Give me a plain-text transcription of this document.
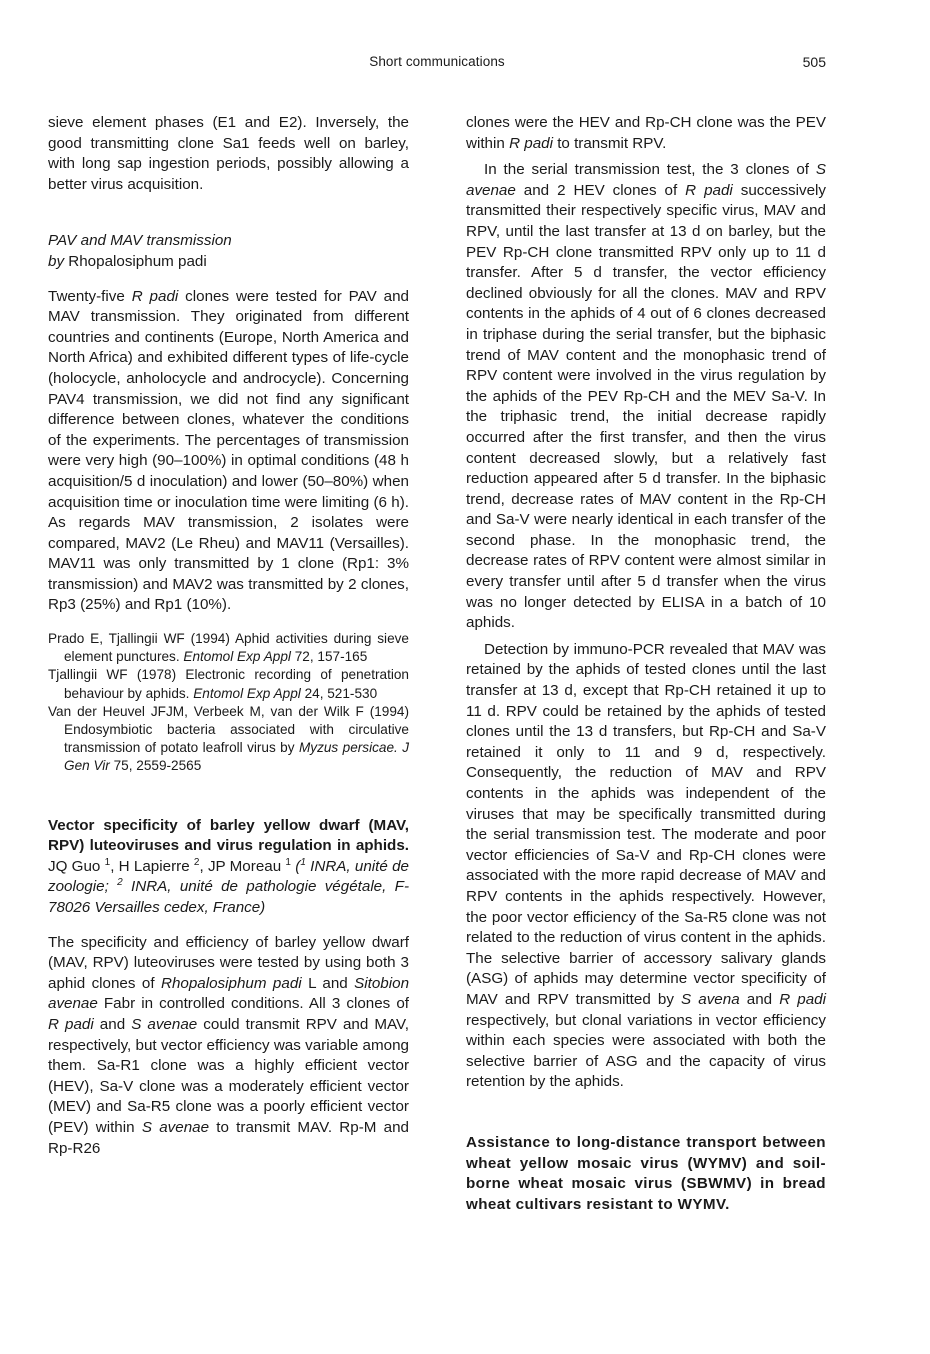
Short communications	505

sieve element phases (E1 and E2). Inversely, the good transmitting clone Sa1 feeds well on barley, with long sap ingestion periods, possibly allowing a better virus acquisition.

PAV and MAV transmission
by Rhopalosiphum padi

Twenty-five R padi clones were tested for PAV and MAV transmission. They originated from different countries and continents (Europe, North America and North Africa) and exhibited different types of life-cycle (holocycle, anholocycle and androcycle). Concerning PAV4 transmission, we did not find any significant difference between clones, whatever the conditions of the experiments. The percentages of transmission were very high (90–100%) in optimal conditions (48 h acquisition/5 d inoculation) and lower (50–80%) when acquisition time or inoculation time were limiting (6 h). As regards MAV transmission, 2 isolates were compared, MAV2 (Le Rheu) and MAV11 (Versailles). MAV11 was only transmitted by 1 clone (Rp1: 3% transmission) and MAV2 was transmitted by 2 clones, Rp3 (25%) and Rp1 (10%).

Prado E, Tjallingii WF (1994) Aphid activities during sieve element punctures. Entomol Exp Appl 72, 157-165

Tjallingii WF (1978) Electronic recording of penetration behaviour by aphids. Entomol Exp Appl 24, 521-530

Van der Heuvel JFJM, Verbeek M, van der Wilk F (1994) Endosymbiotic bacteria associated with circulative transmission of potato leafroll virus by Myzus persicae. J Gen Vir 75, 2559-2565

Vector specificity of barley yellow dwarf (MAV, RPV) luteoviruses and virus regulation in aphids. JQ Guo $^1$, H Lapierre $^2$, JP Moreau $^1$ ($^1$ INRA, unité de zoologie; $^2$ INRA, unité de pathologie végétale, F-78026 Versailles cedex, France)

The specificity and efficiency of barley yellow dwarf (MAV, RPV) luteoviruses were tested by using both 3 aphid clones of Rhopalosiphum padi L and Sitobion avenae Fabr in controlled conditions. All 3 clones of R padi and S avenae could transmit RPV and MAV, respectively, but vector efficiency was variable among them. Sa-R1 clone was a highly efficient vector (HEV), Sa-V clone was a moderately efficient vector (MEV) and Sa-R5 clone was a poorly efficient vector (PEV) within S avenae to transmit MAV. Rp-M and Rp-R26

clones were the HEV and Rp-CH clone was the PEV within R padi to transmit RPV.

In the serial transmission test, the 3 clones of S avenae and 2 HEV clones of R padi successively transmitted their respectively specific virus, MAV and RPV, until the last transfer at 13 d on barley, but the PEV Rp-CH clone transmitted RPV only up to 11 d transfer. After 5 d transfer, the vector efficiency declined obviously for all the clones. MAV and RPV contents in the aphids of 4 out of 6 clones decreased in triphase during the serial transfer, but the biphasic trend of MAV content and the monophasic trend of RPV content were involved in the virus regulation by the aphids of the PEV Rp-CH and the MEV Sa-V. In the triphasic trend, the initial decrease rapidly occurred after the first transfer, and then the virus content decreased slowly, but a relatively fast reduction appeared after 5 d transfer. In the biphasic trend, decrease rates of MAV content in the Rp-CH and Sa-V were nearly identical in each transfer of the second phase. In the monophasic trend, the decrease rates of RPV content were almost similar in every transfer until after 5 d transfer when the virus was no longer detected by ELISA in a batch of 10 aphids.

Detection by immuno-PCR revealed that MAV was retained by the aphids of tested clones until the last transfer at 13 d, except that Rp-CH retained it up to 11 d. RPV could be retained by the aphids of tested clones until the 13 d transfers, but Rp-CH and Sa-V retained it only to 11 and 9 d, respectively. Consequently, the reduction of MAV and RPV contents in the aphids was independent of the viruses that may be specifically transmitted during the serial transmission test. The moderate and poor vector efficiencies of Sa-V and Rp-CH clones were associated with the more rapid decrease of MAV and RPV contents in the aphids respectively. However, the poor vector efficiency of the Sa-R5 clone was not related to the reduction of virus content in the aphids. The selective barrier of accessory salivary glands (ASG) of aphids may determine vector specificity of MAV and RPV transmitted by S avena and R padi respectively, but clonal variations in vector efficiency within each species were associated with both the selective barrier of ASG and the capacity of virus retention by the aphids.

Assistance to long-distance transport between wheat yellow mosaic virus (WYMV) and soil-borne wheat mosaic virus (SBWMV) in bread wheat cultivars resistant to WYMV.
